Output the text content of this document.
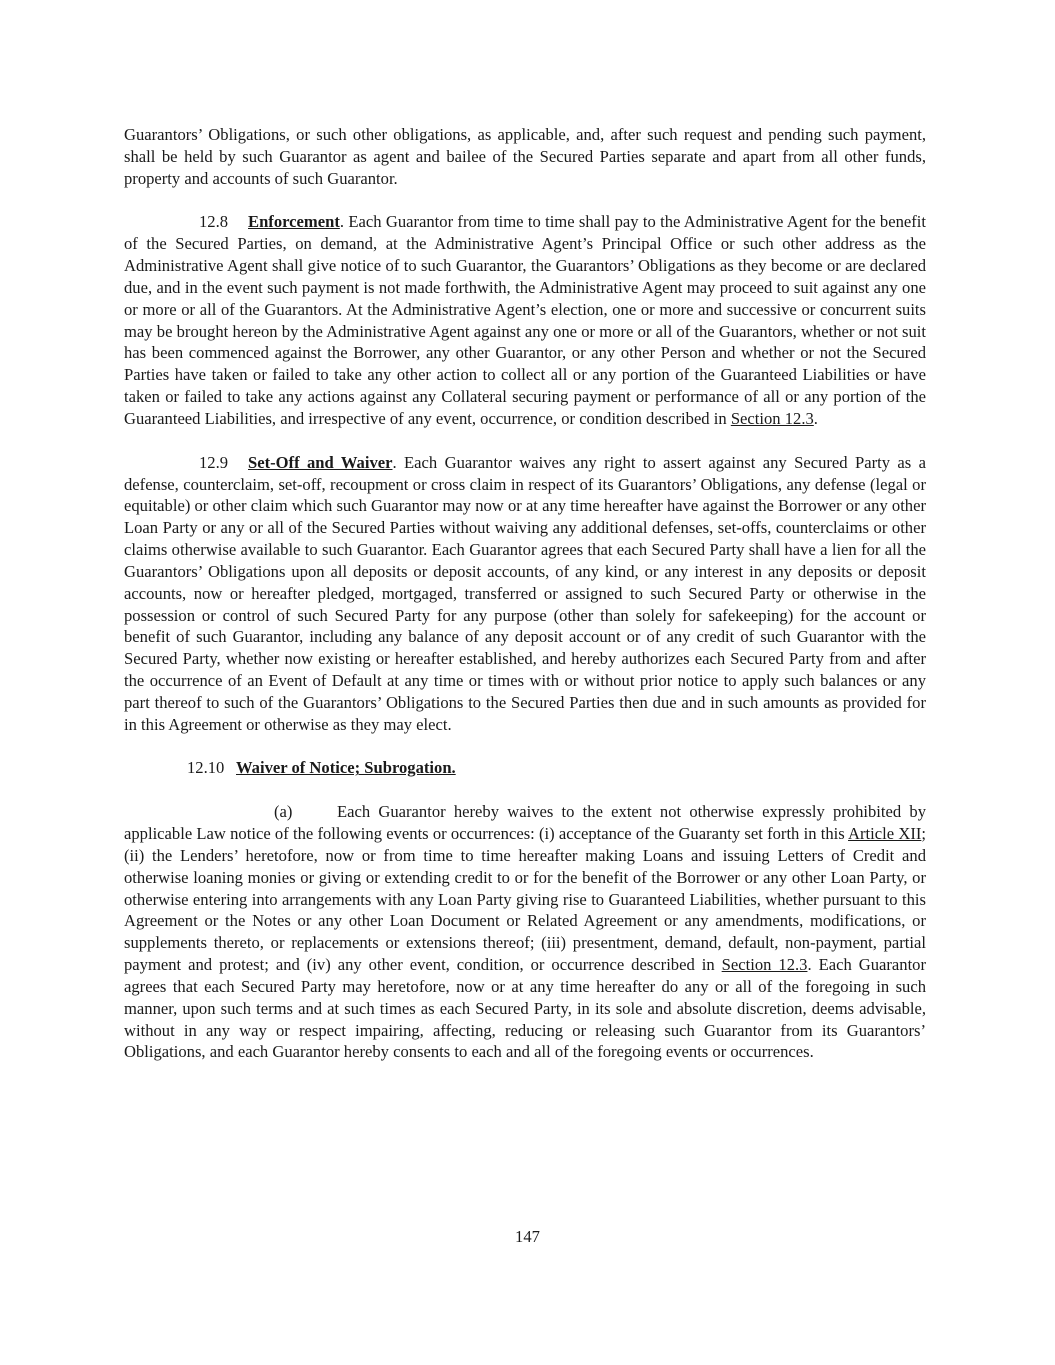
Guarantors’ Obligations, or such other obligations, as applicable, and, after such request and pending such payment, shall be held by such Guarantor as agent and bailee of the Secured Parties separate and apart from all other funds, property and accounts of such Guarantor.

12.8 Enforcement. Each Guarantor from time to time shall pay to the Administrative Agent for the benefit of the Secured Parties, on demand, at the Administrative Agent’s Principal Office or such other address as the Administrative Agent shall give notice of to such Guarantor, the Guarantors’ Obligations as they become or are declared due, and in the event such payment is not made forthwith, the Administrative Agent may proceed to suit against any one or more or all of the Guarantors. At the Administrative Agent’s election, one or more and successive or concurrent suits may be brought hereon by the Administrative Agent against any one or more or all of the Guarantors, whether or not suit has been commenced against the Borrower, any other Guarantor, or any other Person and whether or not the Secured Parties have taken or failed to take any other action to collect all or any portion of the Guaranteed Liabilities or have taken or failed to take any actions against any Collateral securing payment or performance of all or any portion of the Guaranteed Liabilities, and irrespective of any event, occurrence, or condition described in Section 12.3.

12.9 Set-Off and Waiver. Each Guarantor waives any right to assert against any Secured Party as a defense, counterclaim, set-off, recoupment or cross claim in respect of its Guarantors’ Obligations, any defense (legal or equitable) or other claim which such Guarantor may now or at any time hereafter have against the Borrower or any other Loan Party or any or all of the Secured Parties without waiving any additional defenses, set-offs, counterclaims or other claims otherwise available to such Guarantor. Each Guarantor agrees that each Secured Party shall have a lien for all the Guarantors’ Obligations upon all deposits or deposit accounts, of any kind, or any interest in any deposits or deposit accounts, now or hereafter pledged, mortgaged, transferred or assigned to such Secured Party or otherwise in the possession or control of such Secured Party for any purpose (other than solely for safekeeping) for the account or benefit of such Guarantor, including any balance of any deposit account or of any credit of such Guarantor with the Secured Party, whether now existing or hereafter established, and hereby authorizes each Secured Party from and after the occurrence of an Event of Default at any time or times with or without prior notice to apply such balances or any part thereof to such of the Guarantors’ Obligations to the Secured Parties then due and in such amounts as provided for in this Agreement or otherwise as they may elect.

12.10 Waiver of Notice; Subrogation.

(a)	Each Guarantor hereby waives to the extent not otherwise expressly prohibited by applicable Law notice of the following events or occurrences: (i) acceptance of the Guaranty set forth in this Article XII; (ii) the Lenders’ heretofore, now or from time to time hereafter making Loans and issuing Letters of Credit and otherwise loaning monies or giving or extending credit to or for the benefit of the Borrower or any other Loan Party, or otherwise entering into arrangements with any Loan Party giving rise to Guaranteed Liabilities, whether pursuant to this Agreement or the Notes or any other Loan Document or Related Agreement or any amendments, modifications, or supplements thereto, or replacements or extensions thereof; (iii) presentment, demand, default, non-payment, partial payment and protest; and (iv) any other event, condition, or occurrence described in Section 12.3. Each Guarantor agrees that each Secured Party may heretofore, now or at any time hereafter do any or all of the foregoing in such manner, upon such terms and at such times as each Secured Party, in its sole and absolute discretion, deems advisable, without in any way or respect impairing, affecting, reducing or releasing such Guarantor from its Guarantors’ Obligations, and each Guarantor hereby consents to each and all of the foregoing events or occurrences.

147
